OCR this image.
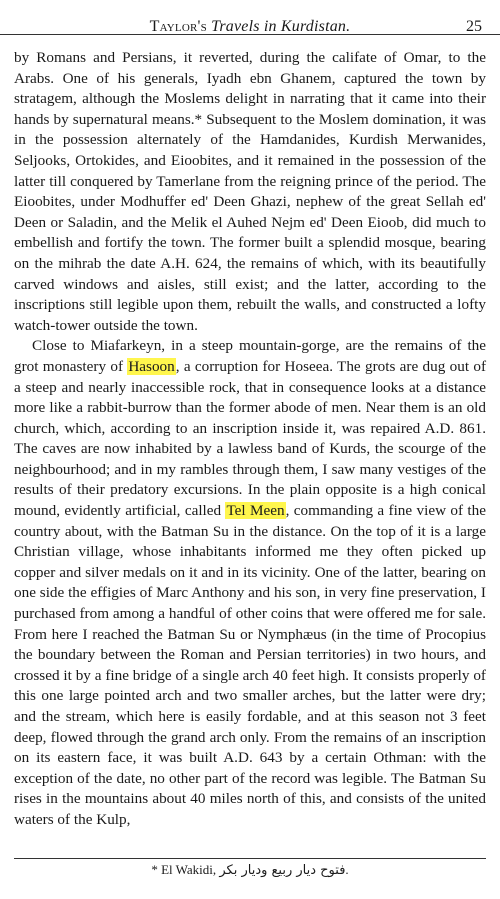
Taylor's Travels in Kurdistan.	25

by Romans and Persians, it reverted, during the califate of Omar, to the Arabs. One of his generals, Iyadh ebn Ghanem, captured the town by stratagem, although the Moslems delight in narrating that it came into their hands by supernatural means.* Subsequent to the Moslem domination, it was in the possession alternately of the Hamdanides, Kurdish Merwanides, Seljooks, Ortokides, and Eioobites, and it remained in the possession of the latter till conquered by Tamerlane from the reigning prince of the period. The Eioobites, under Modhuffer ed' Deen Ghazi, nephew of the great Sellah ed' Deen or Saladin, and the Melik el Auhed Nejm ed' Deen Eioob, did much to embellish and fortify the town. The former built a splendid mosque, bearing on the mihrab the date A.H. 624, the remains of which, with its beautifully carved windows and aisles, still exist; and the latter, according to the inscriptions still legible upon them, rebuilt the walls, and constructed a lofty watch-tower outside the town.

Close to Miafarkeyn, in a steep mountain-gorge, are the remains of the grot monastery of Hasoon, a corruption for Hoseea. The grots are dug out of a steep and nearly inaccessible rock, that in consequence looks at a distance more like a rabbit-burrow than the former abode of men. Near them is an old church, which, according to an inscription inside it, was repaired A.D. 861. The caves are now inhabited by a lawless band of Kurds, the scourge of the neighbourhood; and in my rambles through them, I saw many vestiges of the results of their predatory excursions. In the plain opposite is a high conical mound, evidently artificial, called Tel Meen, commanding a fine view of the country about, with the Batman Su in the distance. On the top of it is a large Christian village, whose inhabitants informed me they often picked up copper and silver medals on it and in its vicinity. One of the latter, bearing on one side the effigies of Marc Anthony and his son, in very fine preservation, I purchased from among a handful of other coins that were offered me for sale. From here I reached the Batman Su or Nymphæus (in the time of Procopius the boundary between the Roman and Persian territories) in two hours, and crossed it by a fine bridge of a single arch 40 feet high. It consists properly of this one large pointed arch and two smaller arches, but the latter were dry; and the stream, which here is easily fordable, and at this season not 3 feet deep, flowed through the grand arch only. From the remains of an inscription on its eastern face, it was built A.D. 643 by a certain Othman: with the exception of the date, no other part of the record was legible. The Batman Su rises in the mountains about 40 miles north of this, and consists of the united waters of the Kulp,

* El Wakidi, فتوح ديار ربيع وديار بكر.
